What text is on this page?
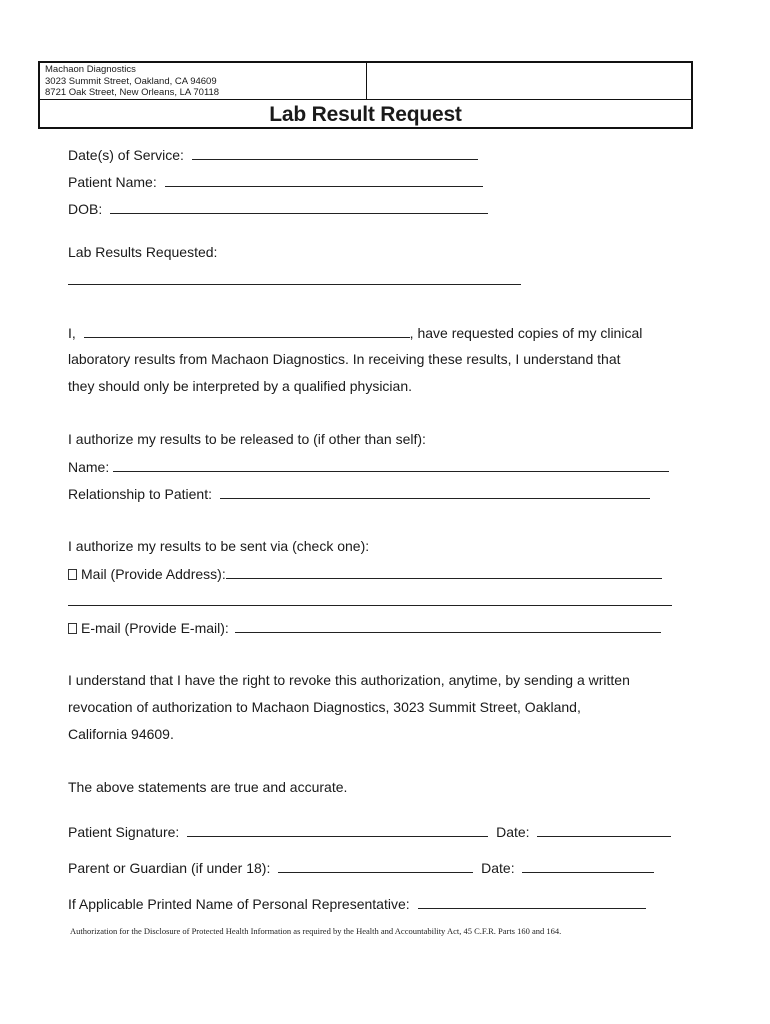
Machaon Diagnostics
3023 Summit Street, Oakland, CA 94609
8721 Oak Street, New Orleans, LA 70118
Lab Result Request
Date(s) of Service:
Patient Name:
DOB:
Lab Results Requested:
I,	, have requested copies of my clinical
laboratory results from Machaon Diagnostics. In receiving these results, I understand that
they should only be interpreted by a qualified physician.
I authorize my results to be released to (if other than self):
Name:
Relationship to Patient:
I authorize my results to be sent via (check one):
Mail (Provide Address):
E-mail (Provide E-mail):
I understand that I have the right to revoke this authorization, anytime, by sending a written
revocation of authorization to Machaon Diagnostics, 3023 Summit Street, Oakland,
California 94609.
The above statements are true and accurate.
Patient Signature:	Date:
Parent or Guardian (if under 18):	Date:
If Applicable Printed Name of Personal Representative:
Authorization for the Disclosure of Protected Health Information as required by the Health and Accountability Act, 45 C.F.R. Parts 160 and 164.
